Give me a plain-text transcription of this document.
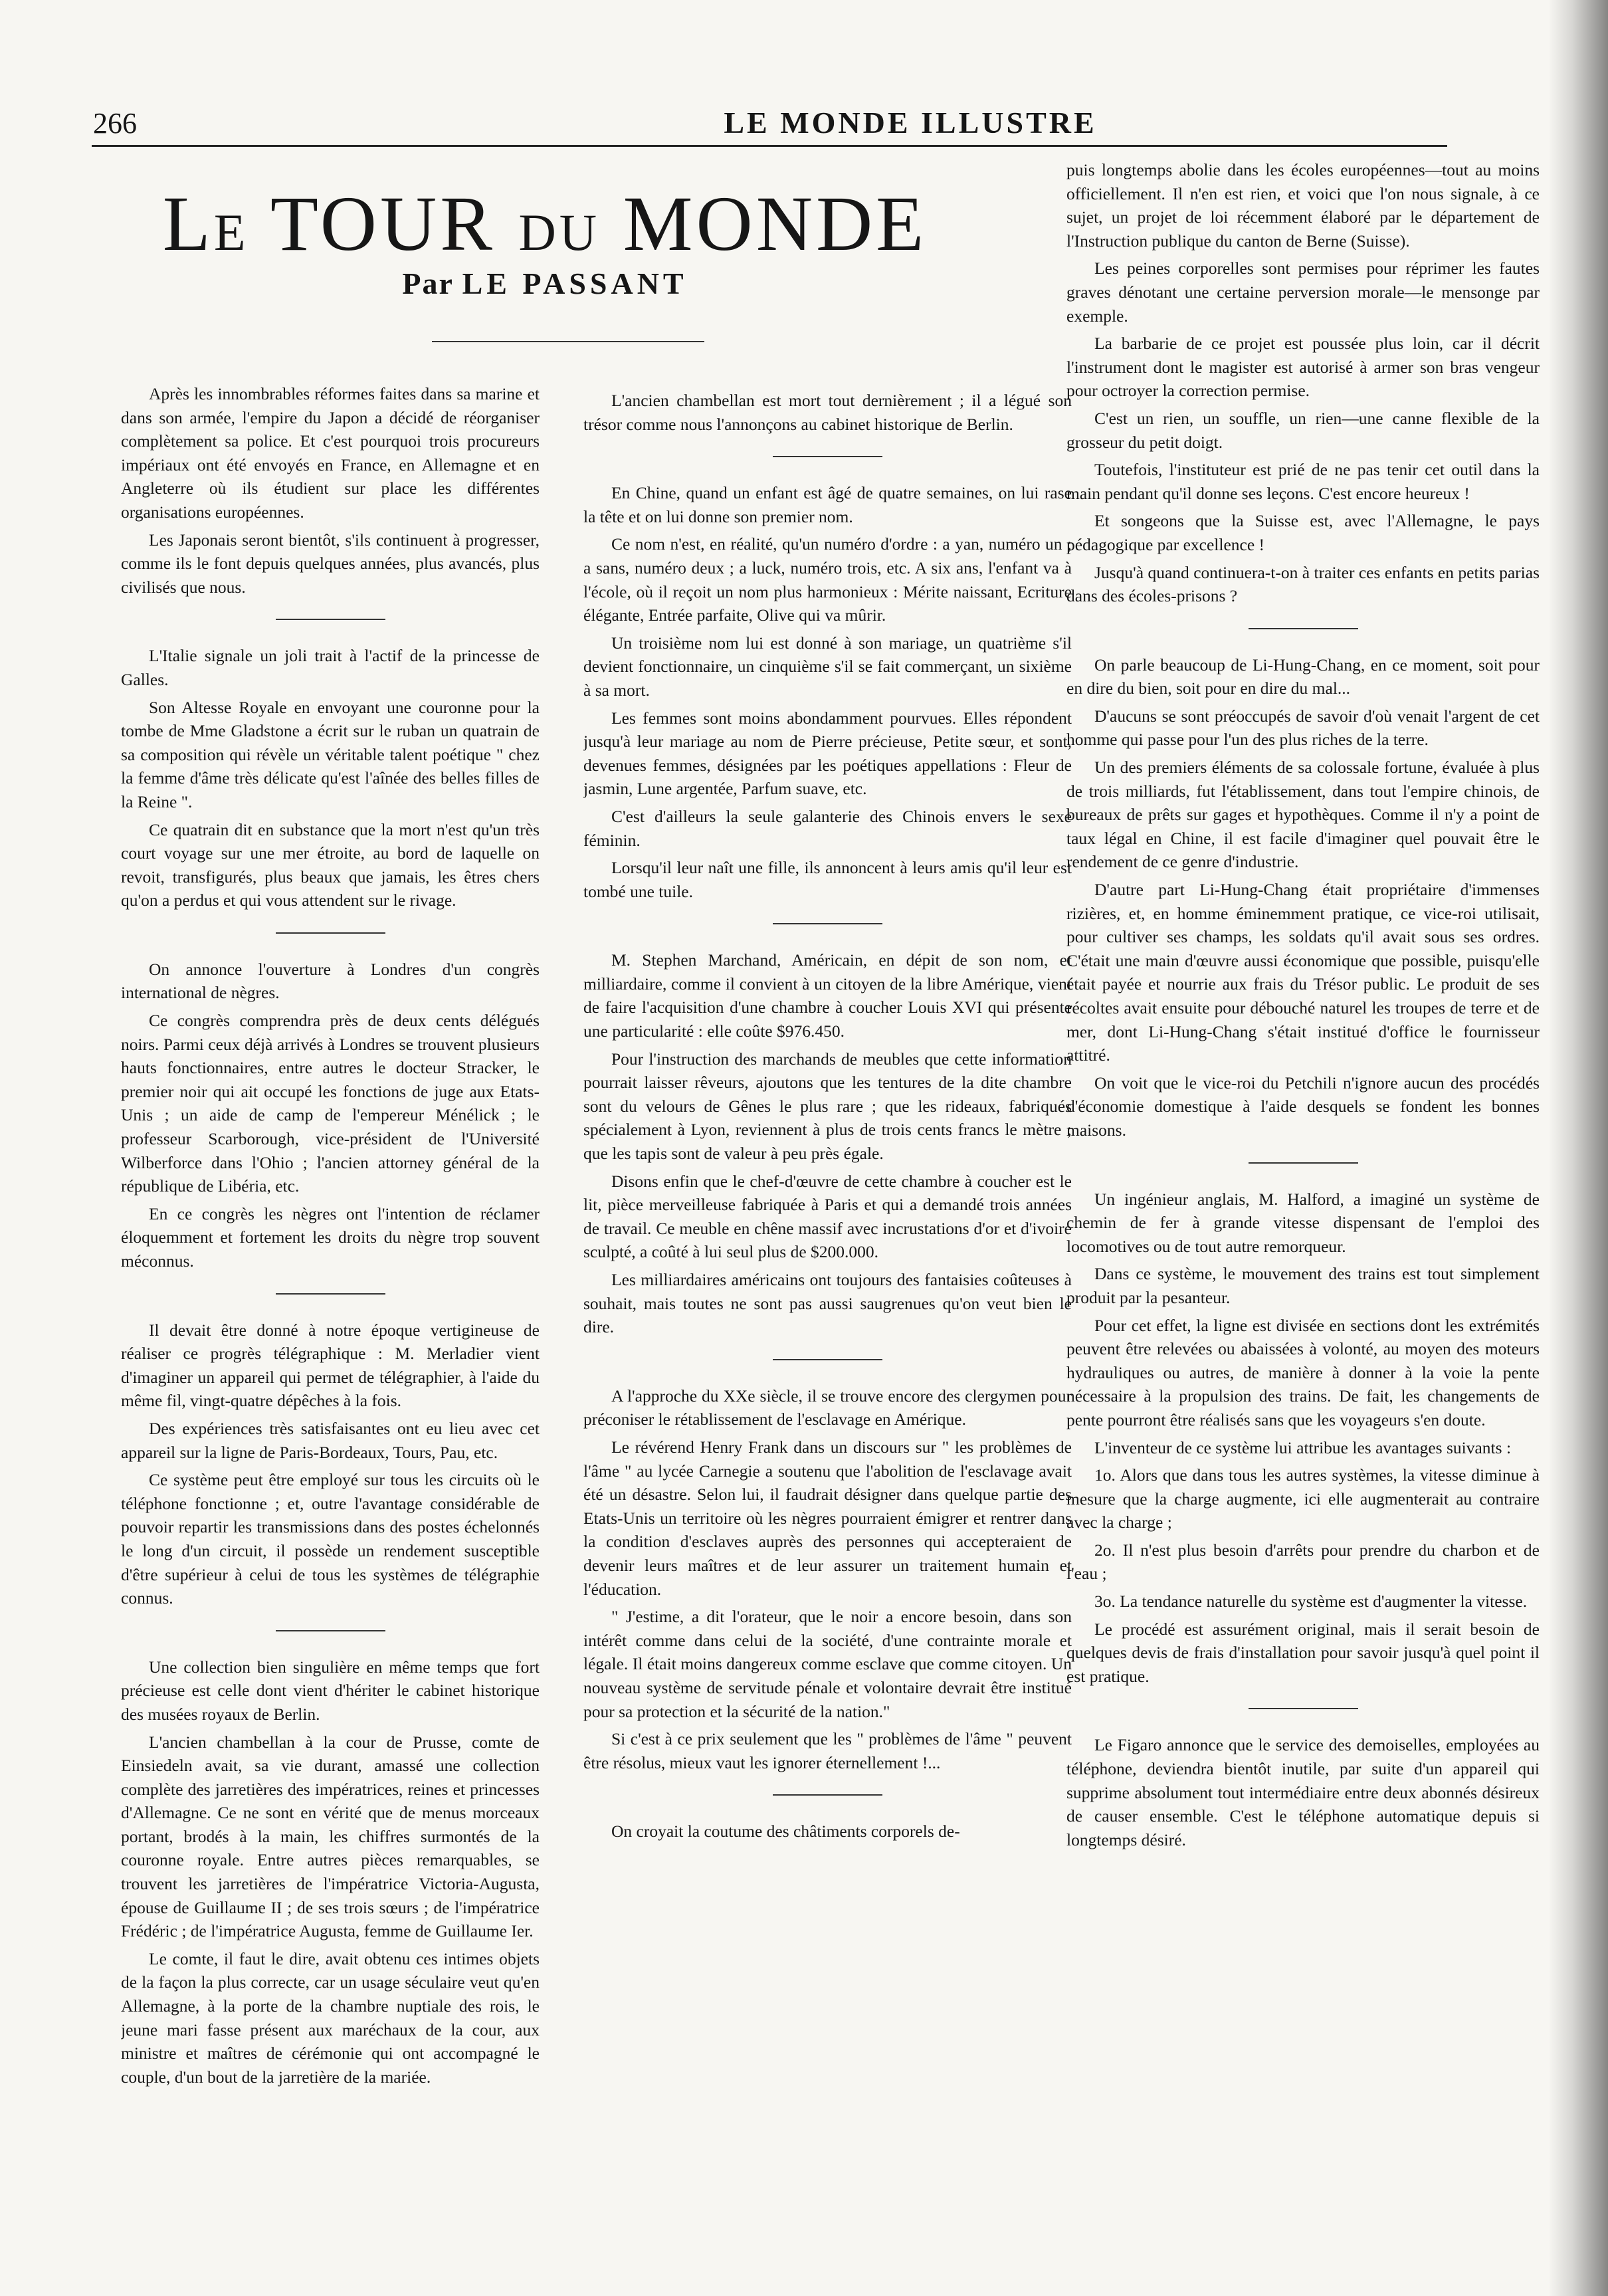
266	LE MONDE ILLUSTRE
LE TOUR DU MONDE
Par LE PASSANT

Après les innombrables réformes faites dans sa marine et dans son armée, l'empire du Japon a décidé de réorganiser complètement sa police. Et c'est pourquoi trois procureurs impériaux ont été envoyés en France, en Allemagne et en Angleterre où ils étudient sur place les différentes organisations européennes.

Les Japonais seront bientôt, s'ils continuent à progresser, comme ils le font depuis quelques années, plus avancés, plus civilisés que nous.

L'Italie signale un joli trait à l'actif de la princesse de Galles.

Son Altesse Royale en envoyant une couronne pour la tombe de Mme Gladstone a écrit sur le ruban un quatrain de sa composition qui révèle un véritable talent poétique " chez la femme d'âme très délicate qu'est l'aînée des belles filles de la Reine ".

Ce quatrain dit en substance que la mort n'est qu'un très court voyage sur une mer étroite, au bord de laquelle on revoit, transfigurés, plus beaux que jamais, les êtres chers qu'on a perdus et qui vous attendent sur le rivage.

On annonce l'ouverture à Londres d'un congrès international de nègres.

Ce congrès comprendra près de deux cents délégués noirs. Parmi ceux déjà arrivés à Londres se trouvent plusieurs hauts fonctionnaires, entre autres le docteur Stracker, le premier noir qui ait occupé les fonctions de juge aux Etats-Unis ; un aide de camp de l'empereur Ménélick ; le professeur Scarborough, vice-président de l'Université Wilberforce dans l'Ohio ; l'ancien attorney général de la république de Libéria, etc.

En ce congrès les nègres ont l'intention de réclamer éloquemment et fortement les droits du nègre trop souvent méconnus.

Il devait être donné à notre époque vertigineuse de réaliser ce progrès télégraphique : M. Merladier vient d'imaginer un appareil qui permet de télégraphier, à l'aide du même fil, vingt-quatre dépêches à la fois.

Des expériences très satisfaisantes ont eu lieu avec cet appareil sur la ligne de Paris-Bordeaux, Tours, Pau, etc.

Ce système peut être employé sur tous les circuits où le téléphone fonctionne ; et, outre l'avantage considérable de pouvoir repartir les transmissions dans des postes échelonnés le long d'un circuit, il possède un rendement susceptible d'être supérieur à celui de tous les systèmes de télégraphie connus.

Une collection bien singulière en même temps que fort précieuse est celle dont vient d'hériter le cabinet historique des musées royaux de Berlin.

L'ancien chambellan à la cour de Prusse, comte de Einsiedeln avait, sa vie durant, amassé une collection complète des jarretières des impératrices, reines et princesses d'Allemagne. Ce ne sont en vérité que de menus morceaux portant, brodés à la main, les chiffres surmontés de la couronne royale. Entre autres pièces remarquables, se trouvent les jarretières de l'impératrice Victoria-Augusta, épouse de Guillaume II ; de ses trois sœurs ; de l'impératrice Frédéric ; de l'impératrice Augusta, femme de Guillaume Ier.

Le comte, il faut le dire, avait obtenu ces intimes objets de la façon la plus correcte, car un usage séculaire veut qu'en Allemagne, à la porte de la chambre nuptiale des rois, le jeune mari fasse présent aux maréchaux de la cour, aux ministre et maîtres de cérémonie qui ont accompagné le couple, d'un bout de la jarretière de la mariée.

L'ancien chambellan est mort tout dernièrement ; il a légué son trésor comme nous l'annonçons au cabinet historique de Berlin.

En Chine, quand un enfant est âgé de quatre semaines, on lui rase la tête et on lui donne son premier nom.

Ce nom n'est, en réalité, qu'un numéro d'ordre : a yan, numéro un ; a sans, numéro deux ; a luck, numéro trois, etc. A six ans, l'enfant va à l'école, où il reçoit un nom plus harmonieux : Mérite naissant, Ecriture élégante, Entrée parfaite, Olive qui va mûrir.

Un troisième nom lui est donné à son mariage, un quatrième s'il devient fonctionnaire, un cinquième s'il se fait commerçant, un sixième à sa mort.

Les femmes sont moins abondamment pourvues. Elles répondent jusqu'à leur mariage au nom de Pierre précieuse, Petite sœur, et sont, devenues femmes, désignées par les poétiques appellations : Fleur de jasmin, Lune argentée, Parfum suave, etc.

C'est d'ailleurs la seule galanterie des Chinois envers le sexe féminin.

Lorsqu'il leur naît une fille, ils annoncent à leurs amis qu'il leur est tombé une tuile.

M. Stephen Marchand, Américain, en dépit de son nom, et milliardaire, comme il convient à un citoyen de la libre Amérique, vient de faire l'acquisition d'une chambre à coucher Louis XVI qui présente une particularité : elle coûte $976.450.

Pour l'instruction des marchands de meubles que cette information pourrait laisser rêveurs, ajoutons que les tentures de la dite chambre sont du velours de Gênes le plus rare ; que les rideaux, fabriqués spécialement à Lyon, reviennent à plus de trois cents francs le mètre ; que les tapis sont de valeur à peu près égale.

Disons enfin que le chef-d'œuvre de cette chambre à coucher est le lit, pièce merveilleuse fabriquée à Paris et qui a demandé trois années de travail. Ce meuble en chêne massif avec incrustations d'or et d'ivoire sculpté, a coûté à lui seul plus de $200.000.

Les milliardaires américains ont toujours des fantaisies coûteuses à souhait, mais toutes ne sont pas aussi saugrenues qu'on veut bien le dire.

A l'approche du XXe siècle, il se trouve encore des clergymen pour préconiser le rétablissement de l'esclavage en Amérique.

Le révérend Henry Frank dans un discours sur " les problèmes de l'âme " au lycée Carnegie a soutenu que l'abolition de l'esclavage avait été un désastre. Selon lui, il faudrait désigner dans quelque partie des Etats-Unis un territoire où les nègres pourraient émigrer et rentrer dans la condition d'esclaves auprès des personnes qui accepteraient de devenir leurs maîtres et de leur assurer un traitement humain et l'éducation.

" J'estime, a dit l'orateur, que le noir a encore besoin, dans son intérêt comme dans celui de la société, d'une contrainte morale et légale. Il était moins dangereux comme esclave que comme citoyen. Un nouveau système de servitude pénale et volontaire devrait être institué pour sa protection et la sécurité de la nation."

Si c'est à ce prix seulement que les " problèmes de l'âme " peuvent être résolus, mieux vaut les ignorer éternellement !...

On croyait la coutume des châtiments corporels de-

puis longtemps abolie dans les écoles européennes—tout au moins officiellement. Il n'en est rien, et voici que l'on nous signale, à ce sujet, un projet de loi récemment élaboré par le département de l'Instruction publique du canton de Berne (Suisse).

Les peines corporelles sont permises pour réprimer les fautes graves dénotant une certaine perversion morale—le mensonge par exemple.

La barbarie de ce projet est poussée plus loin, car il décrit l'instrument dont le magister est autorisé à armer son bras vengeur pour octroyer la correction permise.

C'est un rien, un souffle, un rien—une canne flexible de la grosseur du petit doigt.

Toutefois, l'instituteur est prié de ne pas tenir cet outil dans la main pendant qu'il donne ses leçons. C'est encore heureux !

Et songeons que la Suisse est, avec l'Allemagne, le pays pédagogique par excellence !

Jusqu'à quand continuera-t-on à traiter ces enfants en petits parias dans des écoles-prisons ?

On parle beaucoup de Li-Hung-Chang, en ce moment, soit pour en dire du bien, soit pour en dire du mal...

D'aucuns se sont préoccupés de savoir d'où venait l'argent de cet homme qui passe pour l'un des plus riches de la terre.

Un des premiers éléments de sa colossale fortune, évaluée à plus de trois milliards, fut l'établissement, dans tout l'empire chinois, de bureaux de prêts sur gages et hypothèques. Comme il n'y a point de taux légal en Chine, il est facile d'imaginer quel pouvait être le rendement de ce genre d'industrie.

D'autre part Li-Hung-Chang était propriétaire d'immenses rizières, et, en homme éminemment pratique, ce vice-roi utilisait, pour cultiver ses champs, les soldats qu'il avait sous ses ordres. C'était une main d'œuvre aussi économique que possible, puisqu'elle était payée et nourrie aux frais du Trésor public. Le produit de ses récoltes avait ensuite pour débouché naturel les troupes de terre et de mer, dont Li-Hung-Chang s'était institué d'office le fournisseur attitré.

On voit que le vice-roi du Petchili n'ignore aucun des procédés d'économie domestique à l'aide desquels se fondent les bonnes maisons.

Un ingénieur anglais, M. Halford, a imaginé un système de chemin de fer à grande vitesse dispensant de l'emploi des locomotives ou de tout autre remorqueur.

Dans ce système, le mouvement des trains est tout simplement produit par la pesanteur.

Pour cet effet, la ligne est divisée en sections dont les extrémités peuvent être relevées ou abaissées à volonté, au moyen des moteurs hydrauliques ou autres, de manière à donner à la voie la pente nécessaire à la propulsion des trains. De fait, les changements de pente pourront être réalisés sans que les voyageurs s'en doute.

L'inventeur de ce système lui attribue les avantages suivants :

1o. Alors que dans tous les autres systèmes, la vitesse diminue à mesure que la charge augmente, ici elle augmenterait au contraire avec la charge ;

2o. Il n'est plus besoin d'arrêts pour prendre du charbon et de l'eau ;

3o. La tendance naturelle du système est d'augmenter la vitesse.

Le procédé est assurément original, mais il serait besoin de quelques devis de frais d'installation pour savoir jusqu'à quel point il est pratique.

Le Figaro annonce que le service des demoiselles, employées au téléphone, deviendra bientôt inutile, par suite d'un appareil qui supprime absolument tout intermédiaire entre deux abonnés désireux de causer ensemble. C'est le téléphone automatique depuis si longtemps désiré.
